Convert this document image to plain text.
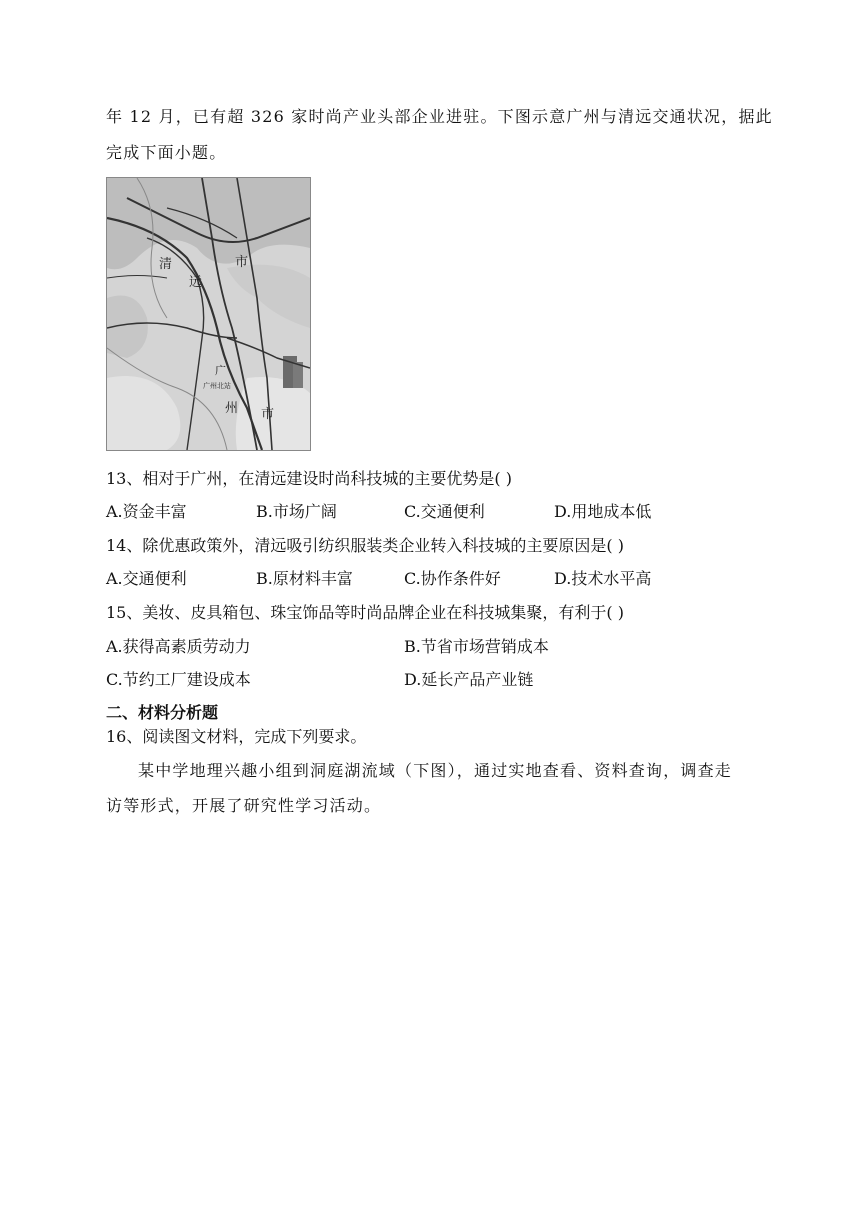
年 12 月，已有超 326 家时尚产业头部企业进驻。下图示意广州与清远交通状况，据此
完成下面小题。
清
远
市
广
州 市
广州北站
13、相对于广州，在清远建设时尚科技城的主要优势是( )
A.资金丰富	B.市场广阔	C.交通便利	D.用地成本低
14、除优惠政策外，清远吸引纺织服装类企业转入科技城的主要原因是( )
A.交通便利	B.原材料丰富	C.协作条件好	D.技术水平高
15、美妆、皮具箱包、珠宝饰品等时尚品牌企业在科技城集聚，有利于( )
A.获得高素质劳动力	B.节省市场营销成本
C.节约工厂建设成本	D.延长产品产业链
二、材料分析题
16、阅读图文材料，完成下列要求。
某中学地理兴趣小组到洞庭湖流域（下图），通过实地查看、资料查询，调查走
访等形式，开展了研究性学习活动。
